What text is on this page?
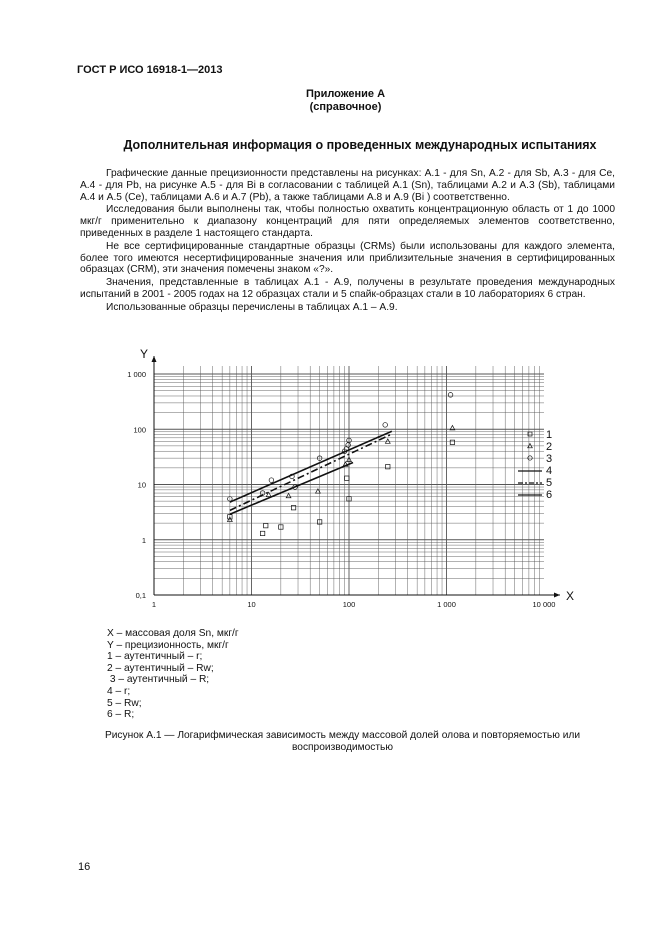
ГОСТ Р ИСО 16918-1—2013
Приложение А
(справочное)
Дополнительная информация о проведенных международных испытаниях

Графические данные прецизионности представлены на рисунках: А.1 - для Sn, А.2 - для Sb, А.3 - для Се, А.4 - для Pb, на рисунке А.5 - для Bi в согласовании с таблицей А.1 (Sn), таблицами А.2 и А.3 (Sb), таблицами А.4 и А.5 (Се), таблицами А.6 и А.7 (Pb), а также таблицами А.8 и А.9 (Bi ) соответственно.

Исследования были выполнены так, чтобы полностью охватить концентрационную область от 1 до 1000 мкг/г применительно к диапазону концентраций для пяти определяемых элементов соответственно, приведенных в разделе 1 настоящего стандарта.

Не все сертифицированные стандартные образцы (CRMs) были использованы для каждого элемента, более того имеются несертифицированные значения или приблизительные значения в сертифицированных образцах (CRM), эти значения помечены знаком «?».

Значения, представленные в таблицах А.1 - А.9, получены в результате проведения международных испытаний в 2001 - 2005 годах на 12 образцах стали и 5 спайк-образцах стали в 10 лабораториях 6 стран.

Использованные образцы перечислены в таблицах А.1 – А.9.

X
Y
1	10	100	1 000	10 000
0,1
1
10
100
1 000
1
2
3
4
5
6
X – массовая доля Sn, мкг/г
Y – прецизионность, мкг/г
1 – аутентичный – r;
2 – аутентичный – Rw;
3 – аутентичный – R;
4 – r;
5 – Rw;
6 – R;
Рисунок А.1 — Логарифмическая зависимость между массовой долей олова и повторяемостью или воспроизводимостью
16
